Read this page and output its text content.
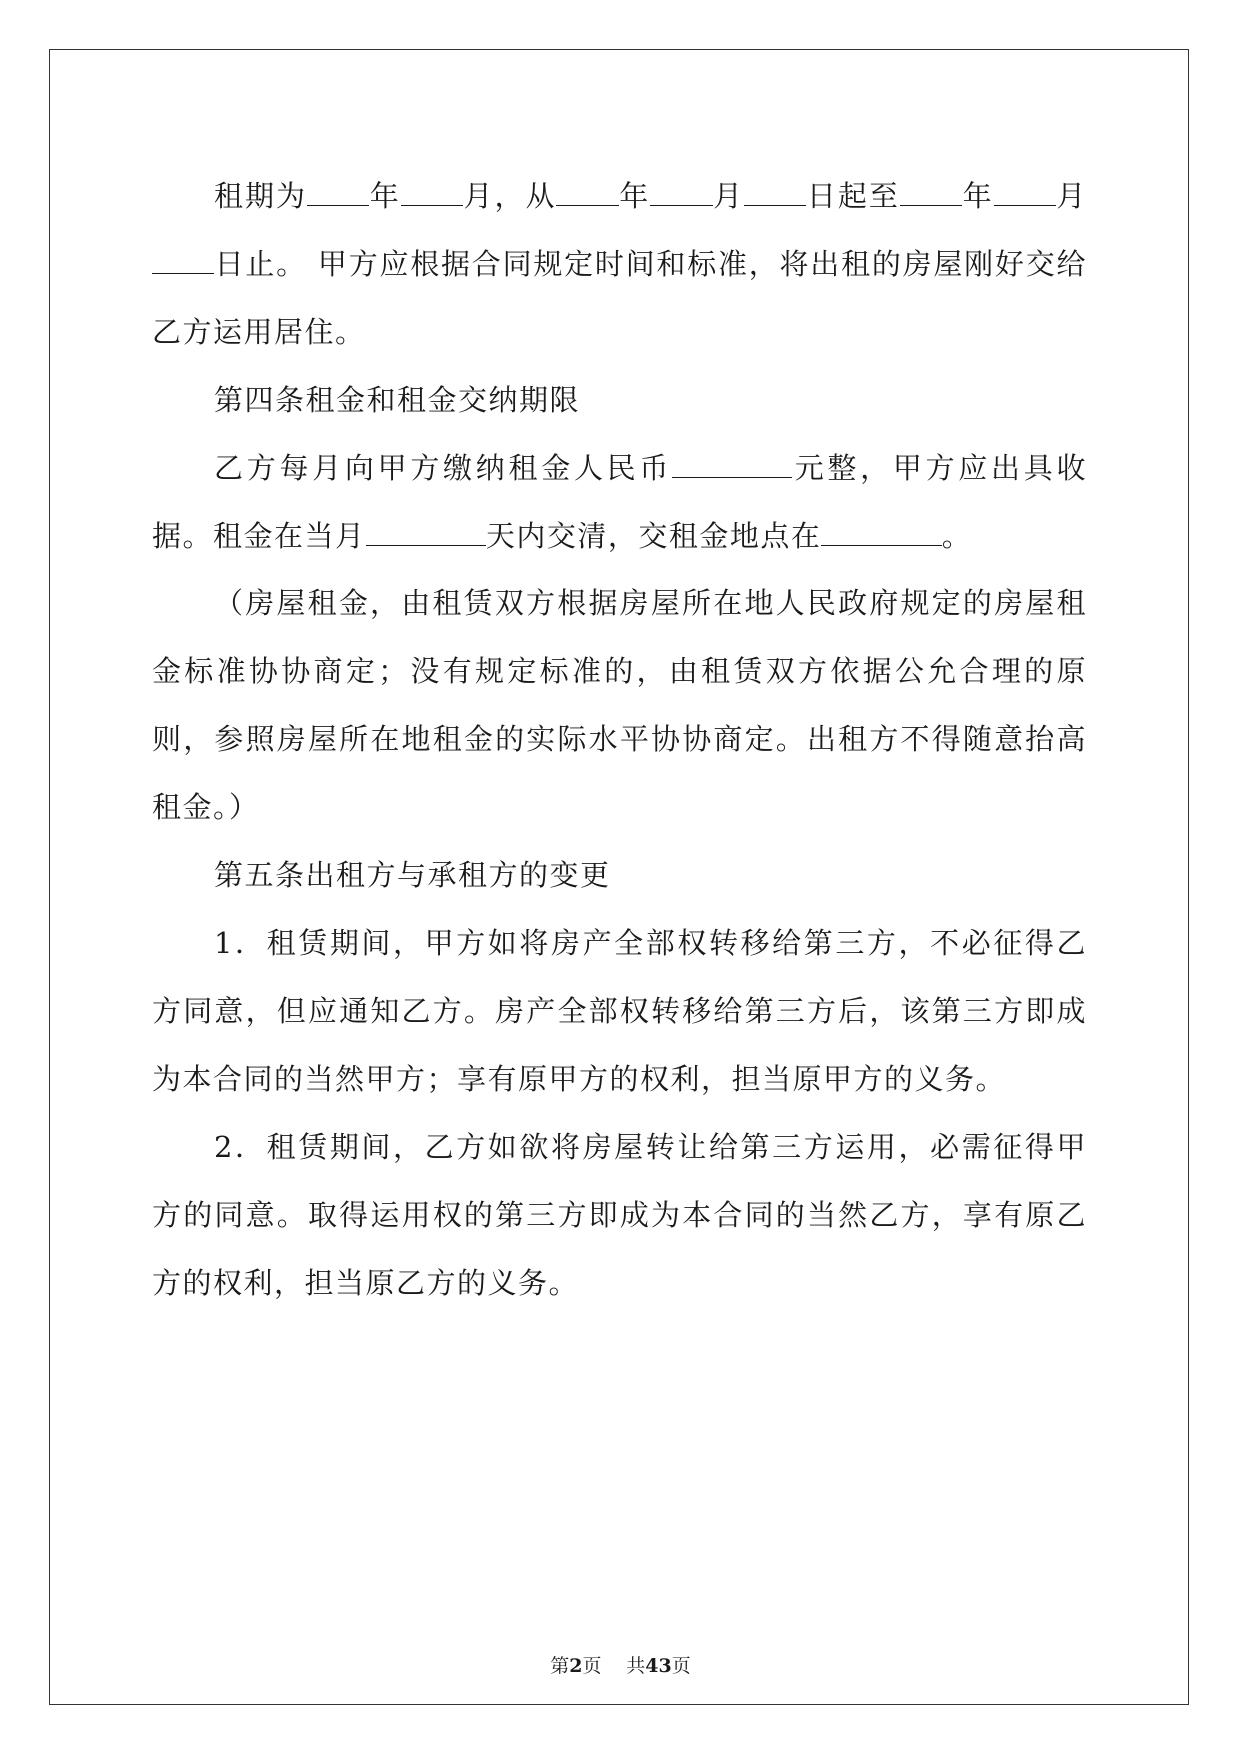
租期为 年 月，从 年 月 日起至 年 月日止。 甲方应根据合同规定时间和标准，将出租的房屋刚好交给乙方运用居住。

第四条租金和租金交纳期限

乙方每月向甲方缴纳租金人民币	元整，甲方应出具收据。租金在当月	天内交清，交租金地点在	。

（房屋租金，由租赁双方根据房屋所在地人民政府规定的房屋租金标准协协商定；没有规定标准的，由租赁双方依据公允合理的原则，参照房屋所在地租金的实际水平协协商定。出租方不得随意抬高租金。）

第五条出租方与承租方的变更

1．租赁期间，甲方如将房产全部权转移给第三方，不必征得乙方同意，但应通知乙方。房产全部权转移给第三方后，该第三方即成为本合同的当然甲方；享有原甲方的权利，担当原甲方的义务。

2．租赁期间，乙方如欲将房屋转让给第三方运用，必需征得甲方的同意。取得运用权的第三方即成为本合同的当然乙方，享有原乙方的权利，担当原乙方的义务。

第2页 共43页
